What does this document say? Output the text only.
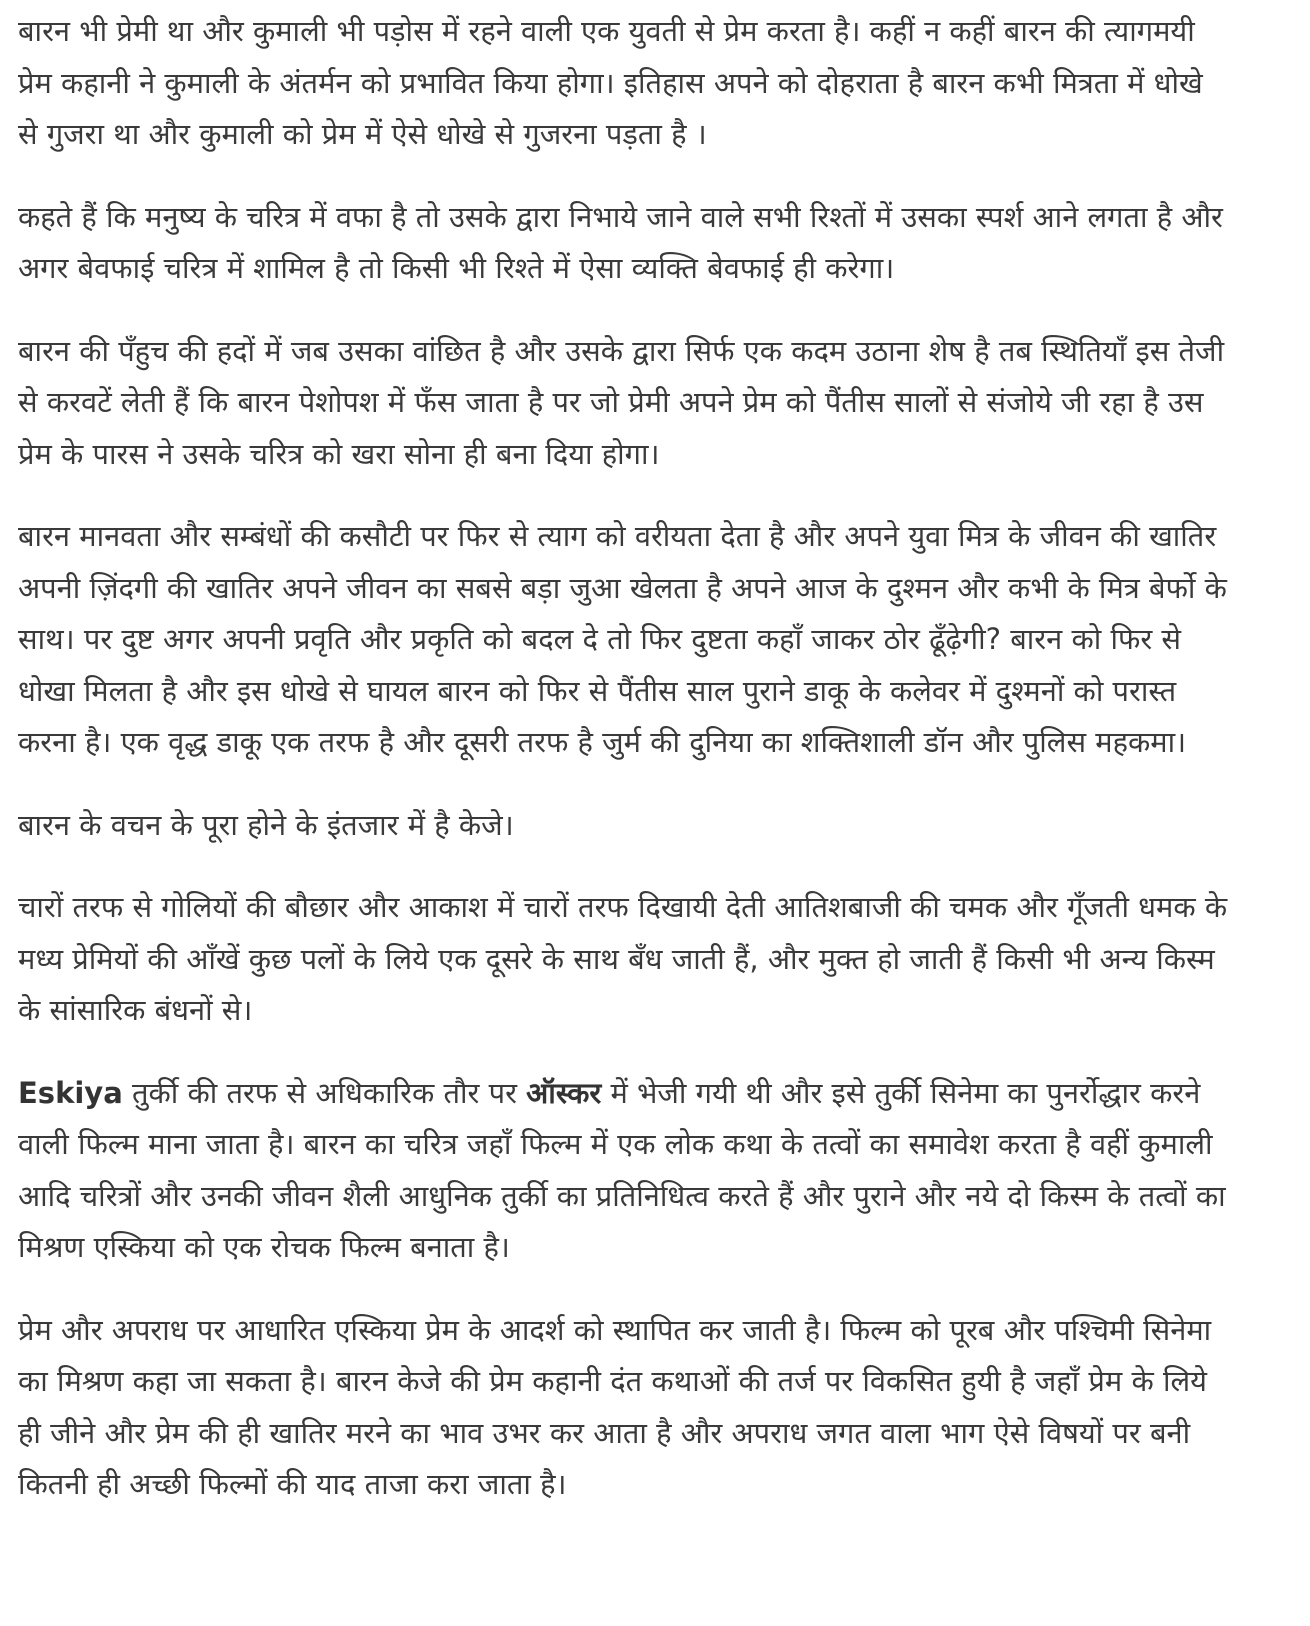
बारन भी प्रेमी था और कुमाली भी पड़ोस में रहने वाली एक युवती से प्रेम करता है। कहीं न कहीं बारन की त्यागमयी प्रेम कहानी ने कुमाली के अंतर्मन को प्रभावित किया होगा। इतिहास अपने को दोहराता है बारन कभी मित्रता में धोखे से गुजरा था और कुमाली को प्रेम में ऐसे धोखे से गुजरना पड़ता है ।

कहते हैं कि मनुष्य के चरित्र में वफा है तो उसके द्वारा निभाये जाने वाले सभी रिश्तों में उसका स्पर्श आने लगता है और अगर बेवफाई चरित्र में शामिल है तो किसी भी रिश्ते में ऐसा व्यक्ति बेवफाई ही करेगा।

बारन की पँहुच की हदों में जब उसका वांछित है और उसके द्वारा सिर्फ एक कदम उठाना शेष है तब स्थितियाँ इस तेजी से करवटें लेती हैं कि बारन पेशोपश में फँस जाता है पर जो प्रेमी अपने प्रेम को पैंतीस सालों से संजोये जी रहा है उस प्रेम के पारस ने उसके चरित्र को खरा सोना ही बना दिया होगा।

बारन मानवता और सम्बंधों की कसौटी पर फिर से त्याग को वरीयता देता है और अपने युवा मित्र के जीवन की खातिर अपनी ज़िंदगी की खातिर अपने जीवन का सबसे बड़ा जुआ खेलता है अपने आज के दुश्मन और कभी के मित्र बेर्फो के साथ। पर दुष्ट अगर अपनी प्रवृति और प्रकृति को बदल दे तो फिर दुष्टता कहाँ जाकर ठोर ढूँढ़ेगी? बारन को फिर से धोखा मिलता है और इस धोखे से घायल बारन को फिर से पैंतीस साल पुराने डाकू के कलेवर में दुश्मनों को परास्त करना है। एक वृद्ध डाकू एक तरफ है और दूसरी तरफ है जुर्म की दुनिया का शक्तिशाली डॉन और पुलिस महकमा।

बारन के वचन के पूरा होने के इंतजार में है केजे।

चारों तरफ से गोलियों की बौछार और आकाश में चारों तरफ दिखायी देती आतिशबाजी की चमक और गूँजती धमक के मध्य प्रेमियों की आँखें कुछ पलों के लिये एक दूसरे के साथ बँध जाती हैं, और मुक्त हो जाती हैं किसी भी अन्य किस्म के सांसारिक बंधनों से।

Eskiya तुर्की की तरफ से अधिकारिक तौर पर ऑस्कर में भेजी गयी थी और इसे तुर्की सिनेमा का पुनर्रोद्धार करने वाली फिल्म माना जाता है। बारन का चरित्र जहाँ फिल्म में एक लोक कथा के तत्वों का समावेश करता है वहीं कुमाली आदि चरित्रों और उनकी जीवन शैली आधुनिक तुर्की का प्रतिनिधित्व करते हैं और पुराने और नये दो किस्म के तत्वों का मिश्रण एस्किया को एक रोचक फिल्म बनाता है।

प्रेम और अपराध पर आधारित एस्किया प्रेम के आदर्श को स्थापित कर जाती है। फिल्म को पूरब और पश्चिमी सिनेमा का मिश्रण कहा जा सकता है। बारन केजे की प्रेम कहानी दंत कथाओं की तर्ज पर विकसित हुयी है जहाँ प्रेम के लिये ही जीने और प्रेम की ही खातिर मरने का भाव उभर कर आता है और अपराध जगत वाला भाग ऐसे विषयों पर बनी कितनी ही अच्छी फिल्मों की याद ताजा करा जाता है।
